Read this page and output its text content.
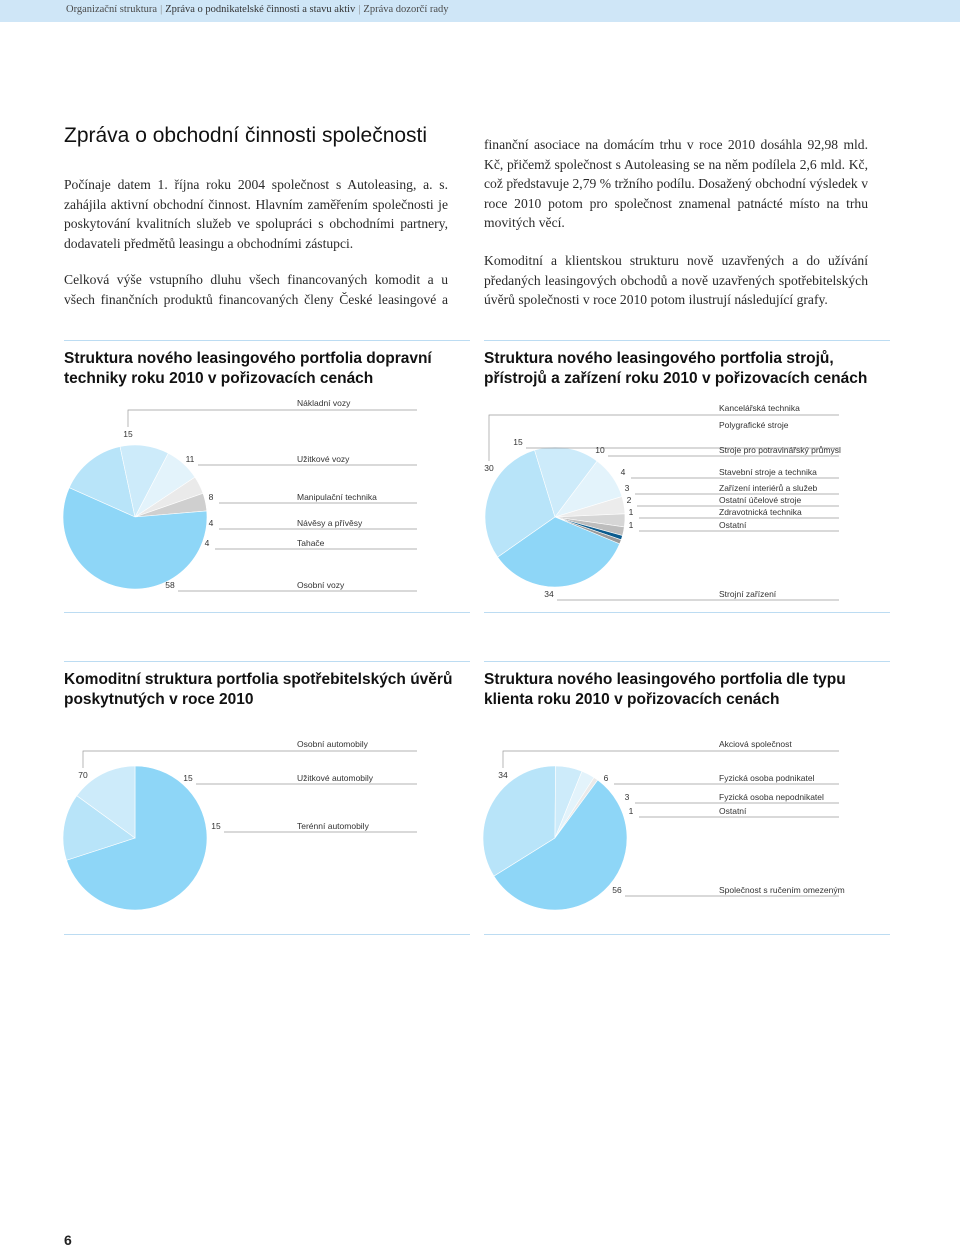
Organizační struktura | Zpráva o podnikatelské činnosti a stavu aktiv | Zpráva dozorčí rady
Zpráva o obchodní činnosti společnosti

Počínaje datem 1. října roku 2004 společnost s Autoleasing, a. s. zahájila aktivní obchodní činnost. Hlavním zaměřením společnosti je poskytování kvalitních služeb ve spolupráci s obchodními partnery, dodavateli předmětů leasingu a obchodními zástupci.

Celková výše vstupního dluhu všech financovaných komodit a u všech finančních produktů financovaných členy České leasingové a

finanční asociace na domácím trhu v roce 2010 dosáhla 92,98 mld. Kč, přičemž společnost s Autoleasing se na něm podílela 2,6 mld. Kč, což představuje 2,79 % tržního podílu. Dosažený obchodní výsledek v roce 2010 potom pro společnost znamenal patnácté místo na trhu movitých věcí.

Komoditní a klientskou strukturu nově uzavřených a do užívání předaných leasingových obchodů a nově uzavřených spotřebitelských úvěrů společnosti v roce 2010 potom ilustrují následující grafy.

Struktura nového leasingového portfolia dopravní techniky roku 2010 v pořizovacích cenách
Struktura nového leasingového portfolia strojů, přístrojů a zařízení roku 2010 v pořizovacích cenách
Komoditní struktura portfolia spotřebitelských úvěrů poskytnutých v roce 2010
Struktura nového leasingového portfolia dle typu klienta roku 2010 v pořizovacích cenách
15
Nákladní vozy
11	Užitkové vozy
8	Manipulační technika
4	Návěsy a přívěsy
4	Tahače
58	Osobní vozy
30
Kancelářská technika
15
Polygrafické stroje
10	Stroje pro potravinářský průmysl
4	Stavební stroje a technika
3	Zařízení interiérů a služeb
2	Ostatní účelové stroje
1	Zdravotnická technika
1	Ostatní
34	Strojní zařízení
70
Osobní automobily
15	Užitkové automobily
15	Terénní automobily
34
Akciová společnost
6	Fyzická osoba podnikatel
3	Fyzická osoba nepodnikatel
1	Ostatní
56	Společnost s ručením omezeným
6
